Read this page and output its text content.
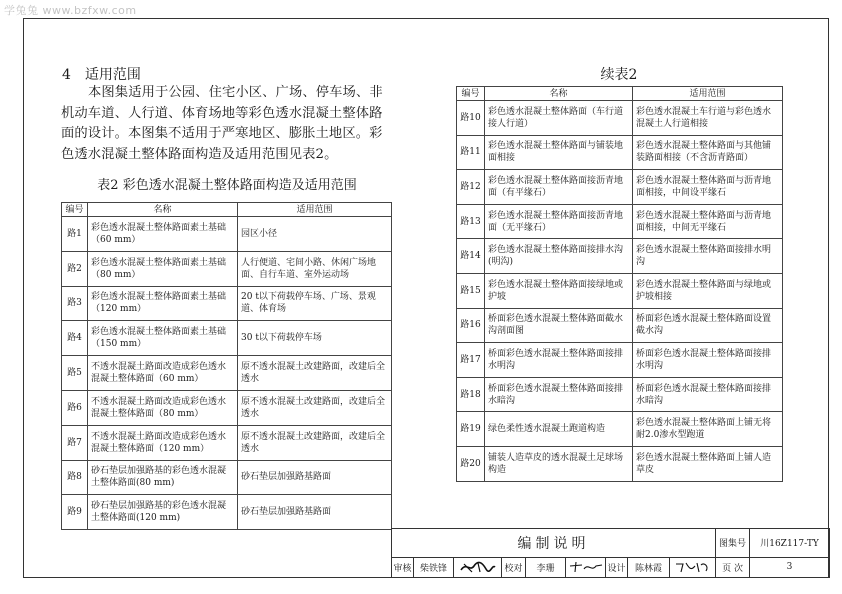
学兔兔 www.bzfxw.com
4 适用范围
本图集适用于公园、住宅小区、广场、停车场、非机动车道、人行道、体育场地等彩色透水混凝土整体路面的设计。本图集不适用于严寒地区、膨胀土地区。彩色透水混凝土整体路面构造及适用范围见表2。
表2 彩色透水混凝土整体路面构造及适用范围
编号	名称	适用范围
路1	彩色透水混凝土整体路面素土基础（60 mm）	园区小径
路2	彩色透水混凝土整体路面素土基础（80 mm）	人行便道、宅间小路、休闲广场地面、自行车道、室外运动场
路3	彩色透水混凝土整体路面素土基础（120 mm）	20 t以下荷载停车场、广场、景观道、体育场
路4	彩色透水混凝土整体路面素土基础（150 mm）	30 t以下荷载停车场
路5	不透水混凝土路面改造成彩色透水混凝土整体路面（60 mm）	原不透水混凝土改建路面，改建后全透水
路6	不透水混凝土路面改造成彩色透水混凝土整体路面（80 mm）	原不透水混凝土改建路面，改建后全透水
路7	不透水混凝土路面改造成彩色透水混凝土整体路面（120 mm）	原不透水混凝土改建路面，改建后全透水
路8	砂石垫层加强路基的彩色透水混凝土整体路面(80 mm)	砂石垫层加强路基路面
路9	砂石垫层加强路基的彩色透水混凝土整体路面(120 mm)	砂石垫层加强路基路面
续表2
编号	名称	适用范围
路10	彩色透水混凝土整体路面（车行道接人行道）	彩色透水混凝土车行道与彩色透水混凝土人行道相接
路11	彩色透水混凝土整体路面与铺装地面相接	彩色透水混凝土整体路面与其他铺装路面相接（不含沥青路面）
路12	彩色透水混凝土整体路面接沥青地面（有平缘石）	彩色透水混凝土整体路面与沥青地面相接，中间设平缘石
路13	彩色透水混凝土整体路面接沥青地面（无平缘石）	彩色透水混凝土整体路面与沥青地面相接，中间无平缘石
路14	彩色透水混凝土整体路面接排水沟(明沟)	彩色透水混凝土整体路面接排水明沟
路15	彩色透水混凝土整体路面接绿地或护坡	彩色透水混凝土整体路面与绿地或护坡相接
路16	桥面彩色透水混凝土整体路面截水沟剖面图	桥面彩色透水混凝土整体路面设置截水沟
路17	桥面彩色透水混凝土整体路面接排水明沟	桥面彩色透水混凝土整体路面接排水明沟
路18	桥面彩色透水混凝土整体路面接排水暗沟	桥面彩色透水混凝土整体路面接排水暗沟
路19	绿色柔性透水混凝土跑道构造	彩色透水混凝土整体路面上铺无将耐2.0渗水型跑道
路20	铺装人造草皮的透水混凝土足球场构造	彩色透水混凝土整体路面上铺人造草皮
编制说明									图集号	川16Z117-TY
审核	柴铁锋		校对	李珊		设计	陈林霞		页 次	3
